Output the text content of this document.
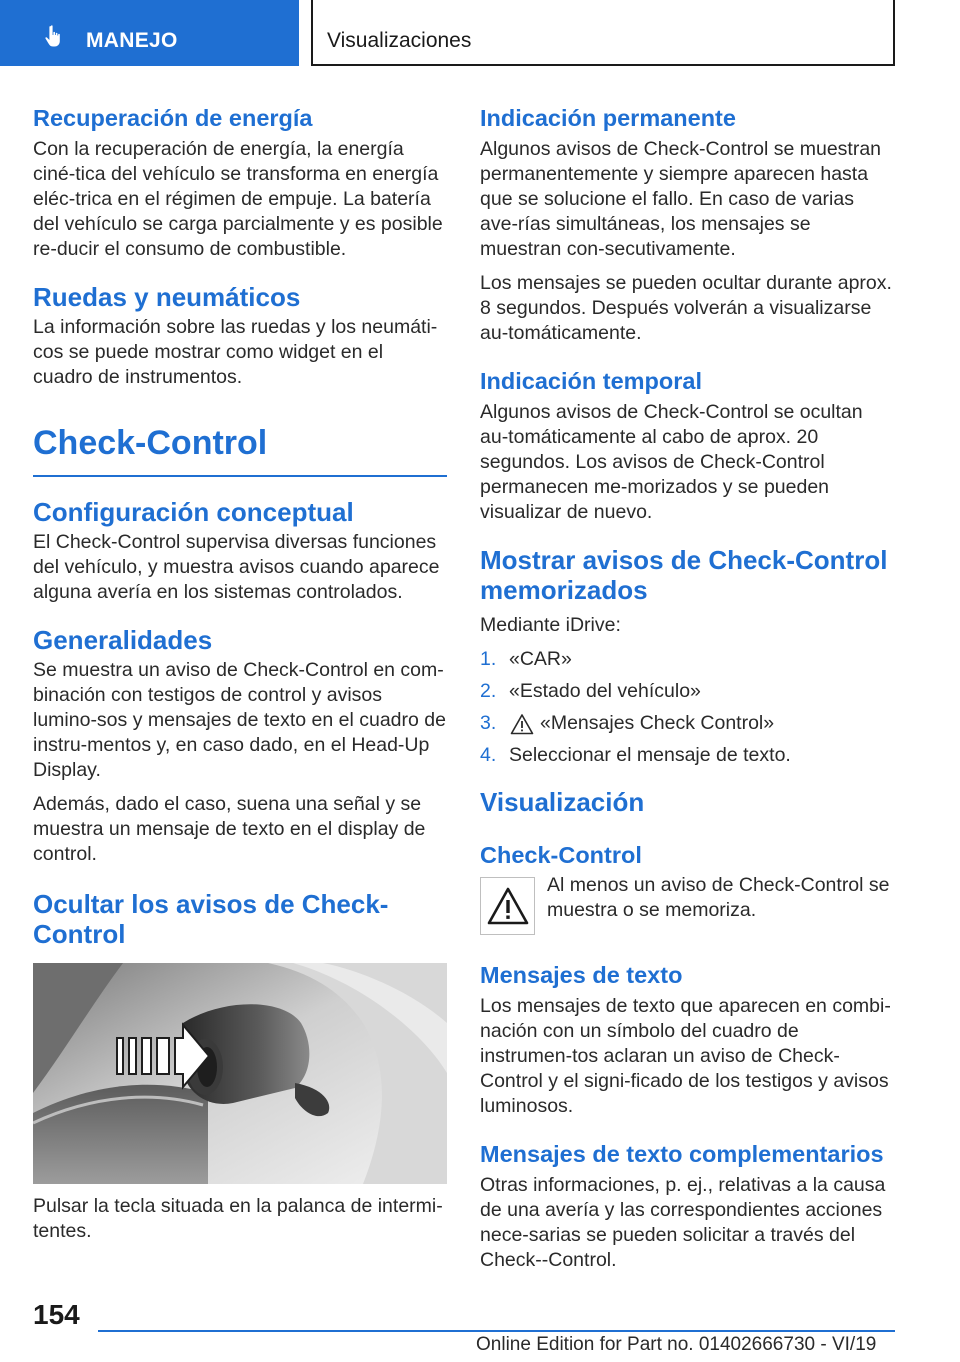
MANEJO	Visualizaciones
Recuperación de energía

Con la recuperación de energía, la energía ciné-tica del vehículo se transforma en energía eléc-trica en el régimen de empuje. La batería del vehículo se carga parcialmente y es posible re-ducir el consumo de combustible.

Ruedas y neumáticos

La información sobre las ruedas y los neumáti-cos se puede mostrar como widget en el cuadro de instrumentos.

Check-Control
Configuración conceptual

El Check-Control supervisa diversas funciones del vehículo, y muestra avisos cuando aparece alguna avería en los sistemas controlados.

Generalidades

Se muestra un aviso de Check-Control en com-binación con testigos de control y avisos lumino-sos y mensajes de texto en el cuadro de instru-mentos y, en caso dado, en el Head-Up Display.

Además, dado el caso, suena una señal y se muestra un mensaje de texto en el display de control.

Ocultar los avisos de Check-
Control

Pulsar la tecla situada en la palanca de intermi-tentes.

Indicación permanente

Algunos avisos de Check-Control se muestran permanentemente y siempre aparecen hasta que se solucione el fallo. En caso de varias ave-rías simultáneas, los mensajes se muestran con-secutivamente.

Los mensajes se pueden ocultar durante aprox. 8 segundos. Después volverán a visualizarse au-tomáticamente.

Indicación temporal

Algunos avisos de Check-Control se ocultan au-tomáticamente al cabo de aprox. 20 segundos. Los avisos de Check-Control permanecen me-morizados y se pueden visualizar de nuevo.

Mostrar avisos de Check-Control
memorizados

Mediante iDrive:

1. «CAR»
2. «Estado del vehículo»
3. «Mensajes Check Control»
4. Seleccionar el mensaje de texto.
Visualización
Check-Control
Al menos un aviso de Check-Control se muestra o se memoriza.
Mensajes de texto

Los mensajes de texto que aparecen en combi-nación con un símbolo del cuadro de instrumen-tos aclaran un aviso de Check-Control y el signi-ficado de los testigos y avisos luminosos.

Mensajes de texto complementarios

Otras informaciones, p. ej., relativas a la causa de una avería y las correspondientes acciones nece-sarias se pueden solicitar a través del Check--Control.

154
Online Edition for Part no. 01402666730 - VI/19
